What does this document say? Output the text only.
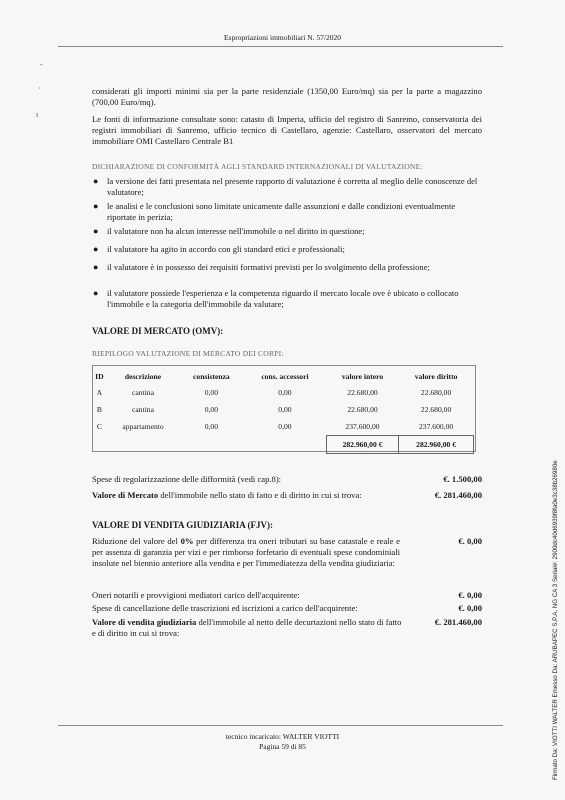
Espropriazioni immobiliari N. 57/2020
-
·
ı
considerati gli importi minimi sia per la parte residenziale (1350,00 Euro/mq) sia per la parte a magazzino (700,00 Euro/mq).
Le fonti di informazione consultate sono: catasto di Imperia, ufficio del registro di Sanremo, conservatoria dei registri immobiliari di Sanremo, ufficio tecnico di Castellaro, agenzie: Castellaro, osservatori del mercato immobiliare OMI Castellaro Centrale B1
DICHIARAZIONE DI CONFORMITÀ AGLI STANDARD INTERNAZIONALI DI VALUTAZIONE:
● la versione dei fatti presentata nel presente rapporto di valutazione è corretta al meglio delle conoscenze del valutatore;
● le analisi e le conclusioni sono limitate unicamente dalle assunzioni e dalle condizioni eventualmente riportate in perizia;
● il valutatore non ha alcun interesse nell'immobile o nel diritto in questione;
● il valutatore ha agito in accordo con gli standard etici e professionali;
● il valutatore è in possesso dei requisiti formativi previsti per lo svolgimento della professione;
● il valutatore possiede l'esperienza e la competenza riguardo il mercato locale ove è ubicato o collocato l'immobile e la categoria dell'immobile da valutare;
VALORE DI MERCATO (OMV):
RIEPILOGO VALUTAZIONE DI MERCATO DEI CORPI:
ID	descrizione	consistenza	cons. accessori	valore intero	valore diritto
A	cantina	0,00	0,00	22.680,00	22.680,00
B	cantina	0,00	0,00	22.680,00	22.680,00
C	appartamento	0,00	0,00	237.600,00	237.600,00
				282.960,00 €	282.960,00 €
Spese di regolarizzazione delle difformità (vedi cap.8):	€. 1.500,00
Valore di Mercato dell'immobile nello stato di fatto e di diritto in cui si trova:	€. 281.460,00
VALORE DI VENDITA GIUDIZIARIA (FJV):
Riduzione del valore del 0% per differenza tra oneri tributari su base catastale e reale e per assenza di garanzia per vizi e per rimborso forfetario di eventuali spese condominiali insolute nel biennio anteriore alla vendita e per l'immediatezza della vendita giudiziaria:
€. 0,00
Oneri notarili e provvigioni mediatori carico dell'acquirente:	€. 0,00
Spese di cancellazione delle trascrizioni ed iscrizioni a carico dell'acquirente:	€. 0,00
Valore di vendita giudiziaria dell'immobile al netto delle decurtazioni nello stato di fatto e di diritto in cui si trova:
€. 281.460,00
tecnico incaricato: WALTER VIOTTI
Pagina 59 di 85	Firmato Da: VIOTTI WALTER Emesso Da: ARUBAPEC S.P.A. NG CA 3 Serial#: 2900dc40d6939f8fa0e3c38b26980e
